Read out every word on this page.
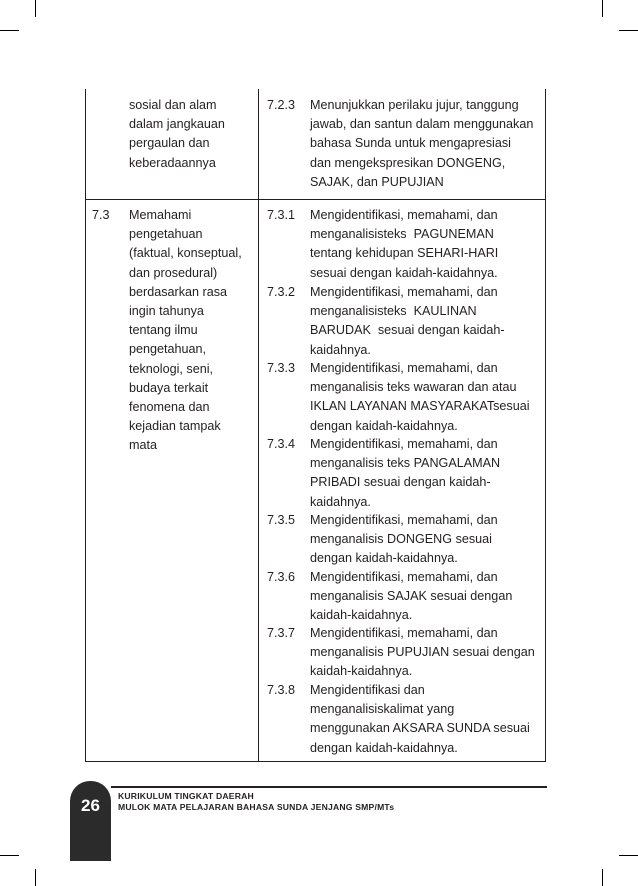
sosial dan alam
dalam jangkauan
pergaulan dan
keberadaannya
7.2.3 Menunjukkan perilaku jujur, tanggung
jawab, dan santun dalam menggunakan
bahasa Sunda untuk mengapresiasi
dan mengekspresikan DONGENG,
SAJAK, dan PUPUJIAN
7.3 Memahami
pengetahuan
(faktual, konseptual,
dan prosedural)
berdasarkan rasa
ingin tahunya
tentang ilmu
pengetahuan,
teknologi, seni,
budaya terkait
fenomena dan
kejadian tampak
mata
7.3.1 Mengidentifikasi, memahami, dan
menganalisisteks  PAGUNEMAN
tentang kehidupan SEHARI-HARI
sesuai dengan kaidah-kaidahnya.
7.3.2 Mengidentifikasi, memahami, dan
menganalisisteks  KAULINAN
BARUDAK  sesuai dengan kaidah-
kaidahnya.
7.3.3 Mengidentifikasi, memahami, dan
menganalisis teks wawaran dan atau
IKLAN LAYANAN MASYARAKATsesuai
dengan kaidah-kaidahnya.
7.3.4 Mengidentifikasi, memahami, dan
menganalisis teks PANGALAMAN
PRIBADI sesuai dengan kaidah-
kaidahnya.
7.3.5 Mengidentifikasi, memahami, dan
menganalisis DONGENG sesuai
dengan kaidah-kaidahnya.
7.3.6 Mengidentifikasi, memahami, dan
menganalisis SAJAK sesuai dengan
kaidah-kaidahnya.
7.3.7 Mengidentifikasi, memahami, dan
menganalisis PUPUJIAN sesuai dengan
kaidah-kaidahnya.
7.3.8 Mengidentifikasi dan
menganalisiskalimat yang
menggunakan AKSARA SUNDA sesuai
dengan kaidah-kaidahnya.
26	KURIKULUM TINGKAT DAERAH
MULOK MATA PELAJARAN BAHASA SUNDA JENJANG SMP/MTs
